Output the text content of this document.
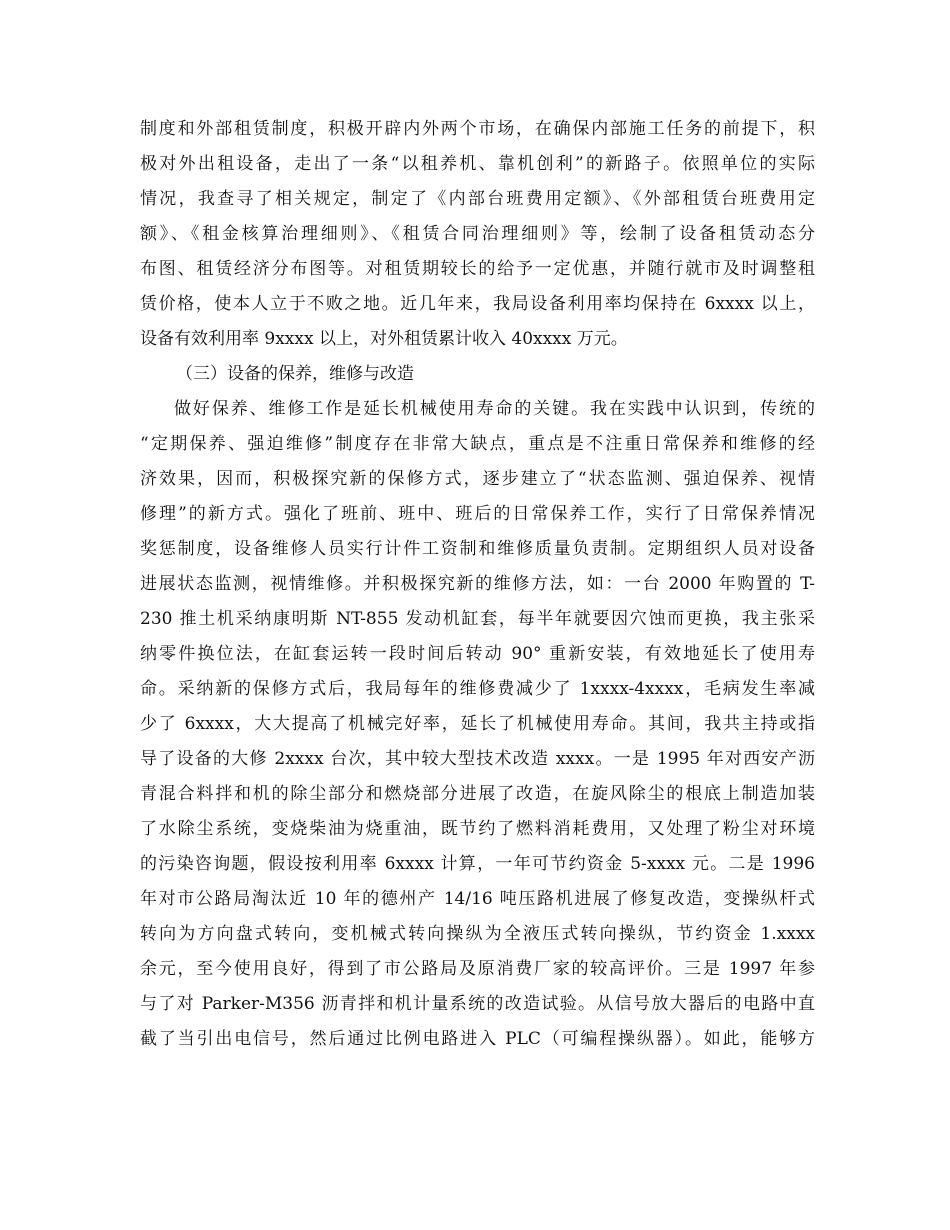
制度和外部租赁制度，积极开辟内外两个市场，在确保内部施工任务的前提下，积
极对外出租设备，走出了一条“以租养机、靠机创利”的新路子。依照单位的实际
情况，我查寻了相关规定，制定了《内部台班费用定额》、《外部租赁台班费用定
额》、《租金核算治理细则》、《租赁合同治理细则》等，绘制了设备租赁动态分
布图、租赁经济分布图等。对租赁期较长的给予一定优惠，并随行就市及时调整租
赁价格，使本人立于不败之地。近几年来，我局设备利用率均保持在 6xxxx 以上，
设备有效利用率 9xxxx 以上，对外租赁累计收入 40xxxx 万元。
（三）设备的保养，维修与改造
做好保养、维修工作是延长机械使用寿命的关键。我在实践中认识到，传统的
“定期保养、强迫维修”制度存在非常大缺点，重点是不注重日常保养和维修的经
济效果，因而，积极探究新的保修方式，逐步建立了“状态监测、强迫保养、视情
修理”的新方式。强化了班前、班中、班后的日常保养工作，实行了日常保养情况
奖惩制度，设备维修人员实行计件工资制和维修质量负责制。定期组织人员对设备
进展状态监测，视情维修。并积极探究新的维修方法，如：一台 2000 年购置的 T-
230 推土机采纳康明斯 NT-855 发动机缸套，每半年就要因穴蚀而更换，我主张采
纳零件换位法，在缸套运转一段时间后转动 90° 重新安装，有效地延长了使用寿
命。采纳新的保修方式后，我局每年的维修费减少了 1xxxx-4xxxx，毛病发生率减
少了 6xxxx，大大提高了机械完好率，延长了机械使用寿命。其间，我共主持或指
导了设备的大修 2xxxx 台次，其中较大型技术改造 xxxx。一是 1995 年对西安产沥
青混合料拌和机的除尘部分和燃烧部分进展了改造，在旋风除尘的根底上制造加装
了水除尘系统，变烧柴油为烧重油，既节约了燃料消耗费用，又处理了粉尘对环境
的污染咨询题，假设按利用率 6xxxx 计算，一年可节约资金 5-xxxx 元。二是 1996
年对市公路局淘汰近 10 年的德州产 14/16 吨压路机进展了修复改造，变操纵杆式
转向为方向盘式转向，变机械式转向操纵为全液压式转向操纵，节约资金 1.xxxx
余元，至今使用良好，得到了市公路局及原消费厂家的较高评价。三是 1997 年参
与了对 Parker-M356 沥青拌和机计量系统的改造试验。从信号放大器后的电路中直
截了当引出电信号，然后通过比例电路进入 PLC（可编程操纵器）。如此，能够方
